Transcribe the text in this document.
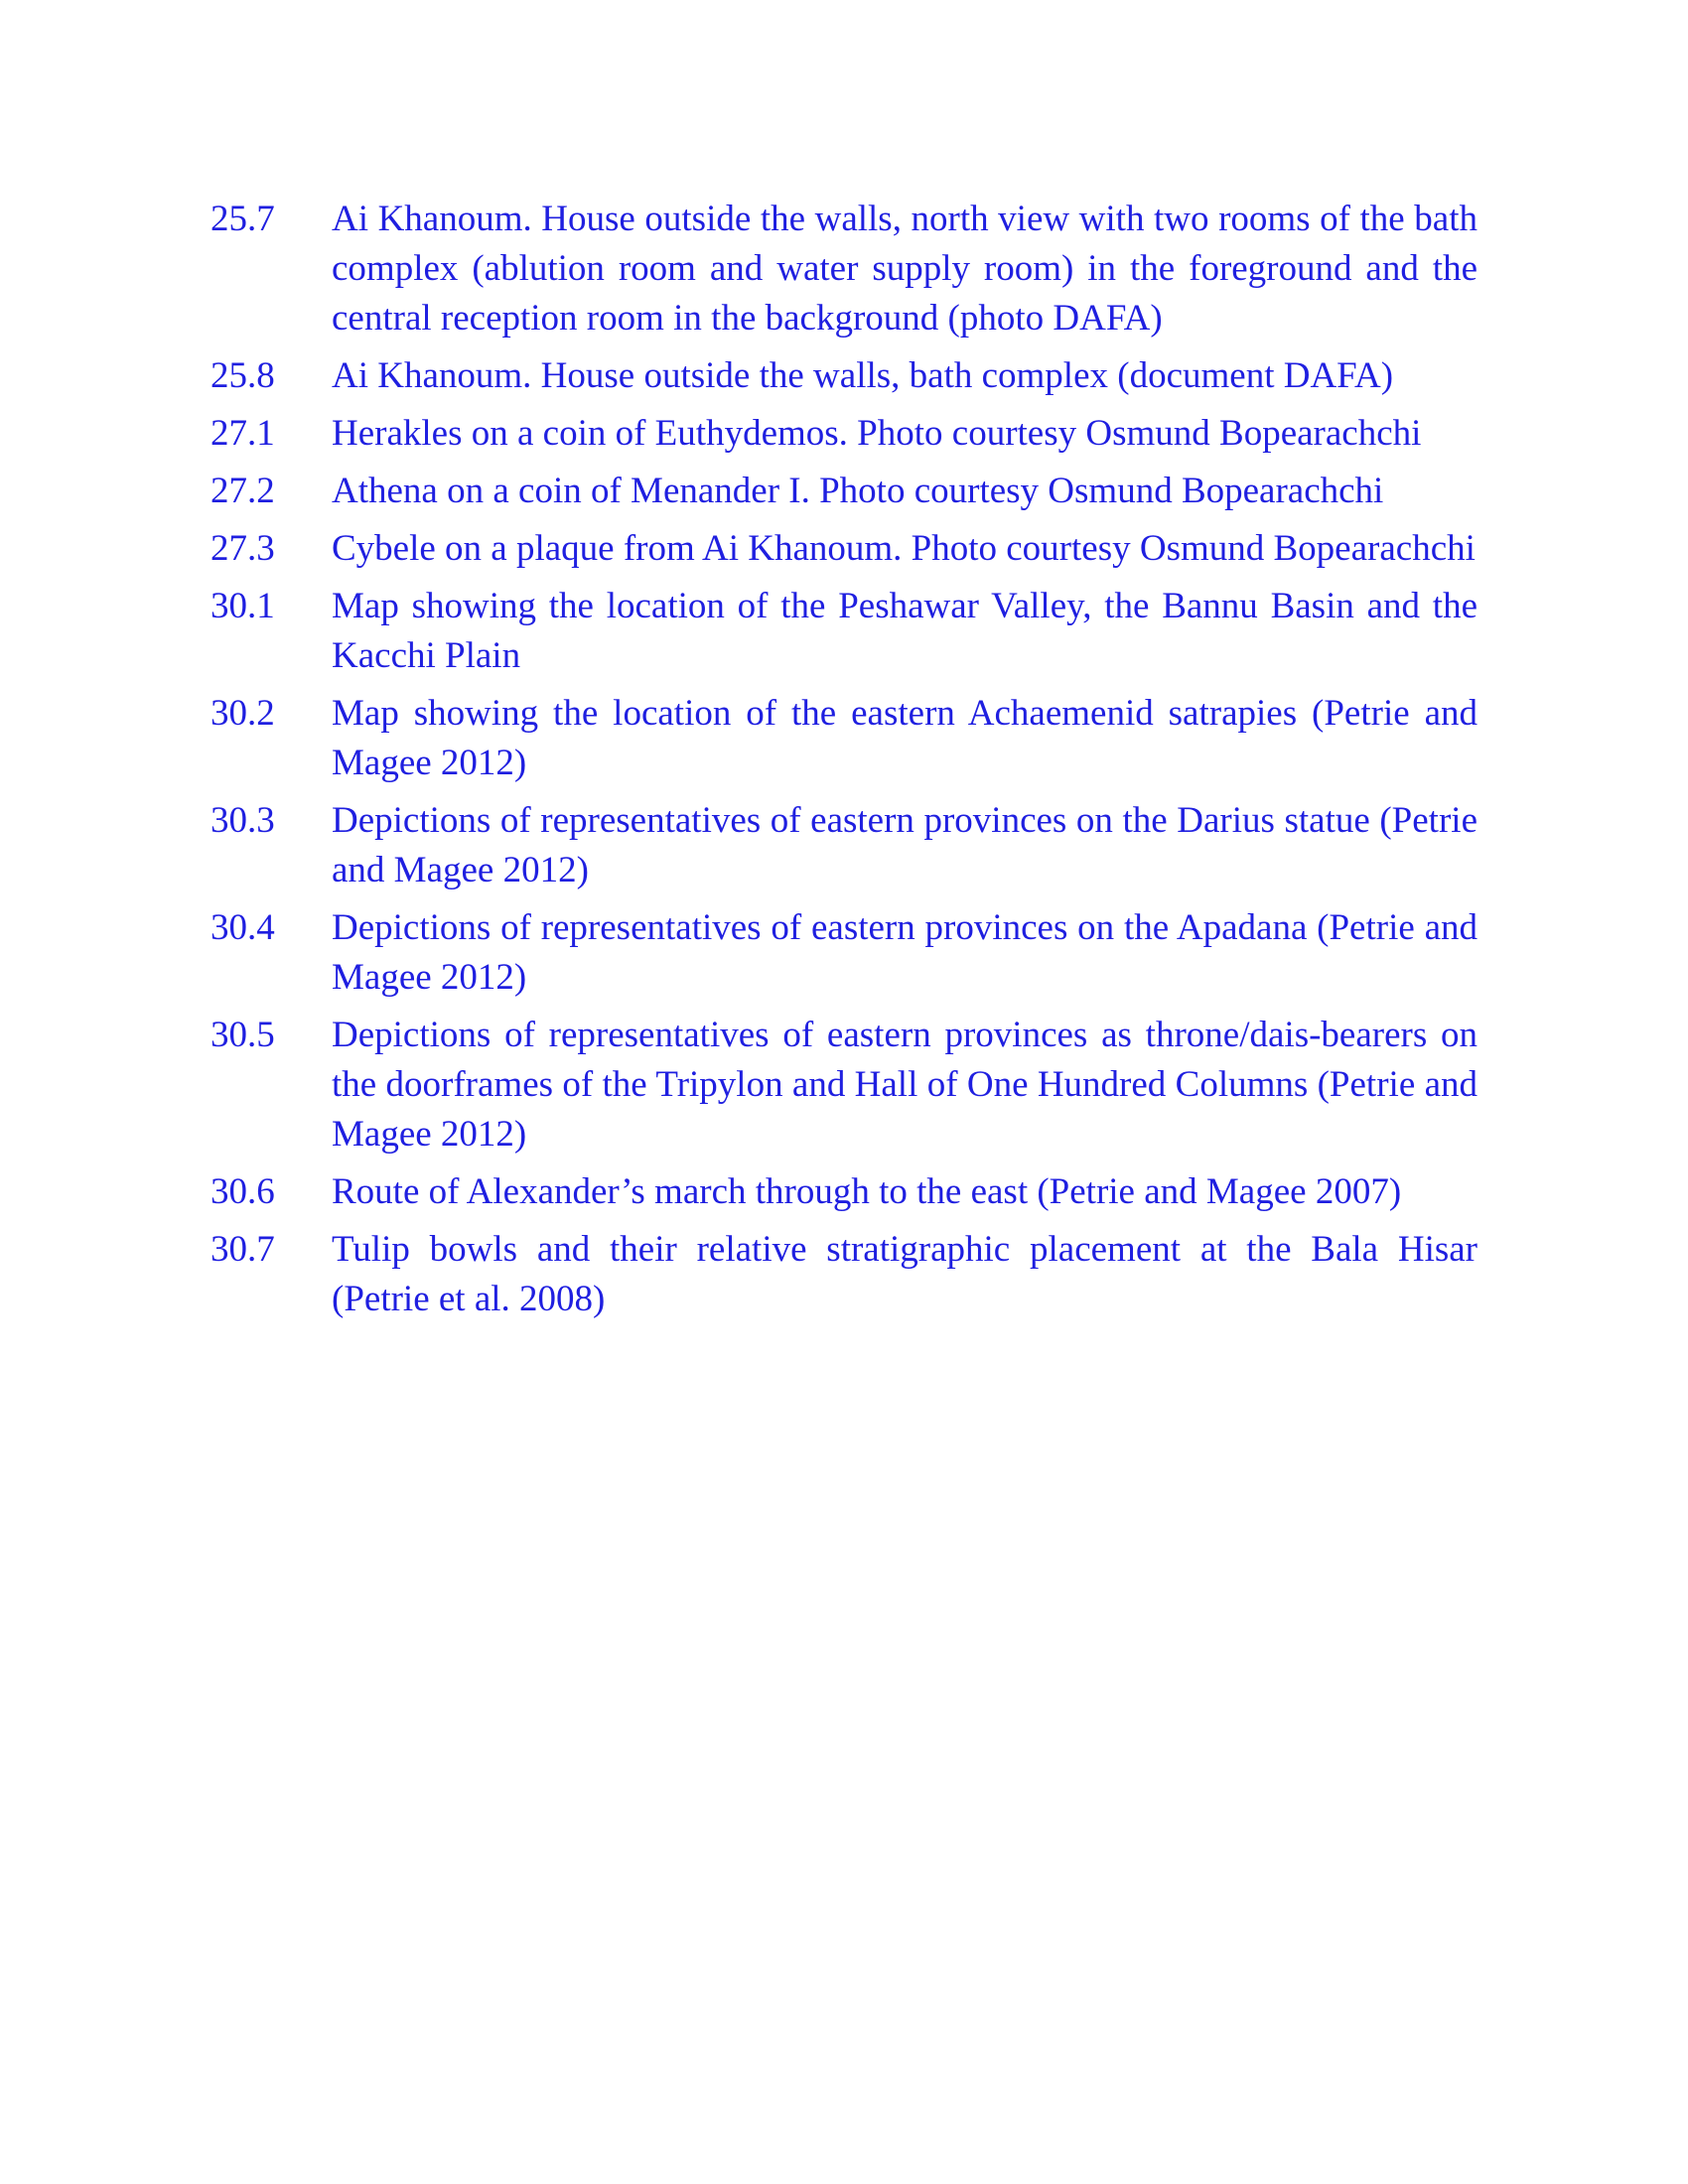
25.7	Ai Khanoum. House outside the walls, north view with two rooms of the bath complex (ablution room and water supply room) in the foreground and the central reception room in the background (photo DAFA)
25.8	Ai Khanoum. House outside the walls, bath complex (document DAFA)
27.1	Herakles on a coin of Euthydemos. Photo courtesy Osmund Bopearachchi
27.2	Athena on a coin of Menander I. Photo courtesy Osmund Bopearachchi
27.3	Cybele on a plaque from Ai Khanoum. Photo courtesy Osmund Bopearachchi
30.1	Map showing the location of the Peshawar Valley, the Bannu Basin and the Kacchi Plain
30.2	Map showing the location of the eastern Achaemenid satrapies (Petrie and Magee 2012)
30.3	Depictions of representatives of eastern provinces on the Darius statue (Petrie and Magee 2012)
30.4	Depictions of representatives of eastern provinces on the Apadana (Petrie and Magee 2012)
30.5	Depictions of representatives of eastern provinces as throne/dais-bearers on the doorframes of the Tripylon and Hall of One Hundred Columns (Petrie and Magee 2012)
30.6	Route of Alexander’s march through to the east (Petrie and Magee 2007)
30.7	Tulip bowls and their relative stratigraphic placement at the Bala Hisar (Petrie et al. 2008)
